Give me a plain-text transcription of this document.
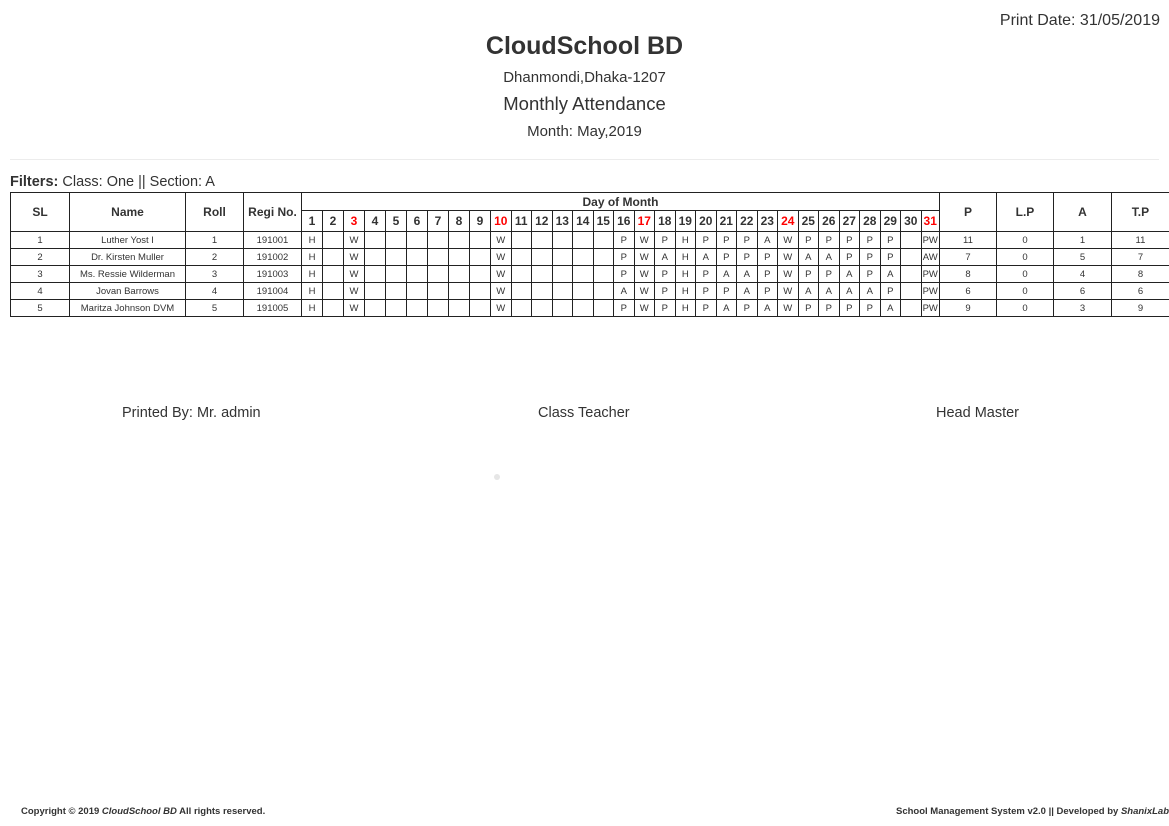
Print Date: 31/05/2019
CloudSchool BD
Dhanmondi,Dhaka-1207
Monthly Attendance
Month: May,2019
Filters: Class: One || Section: A
SL	Name	Roll	Regi No.	Day of Month																															P	L.P	A	T.P
				1	2	3	4	5	6	7	8	9	10	11	12	13	14	15	16	17	18	19	20	21	22	23	24	25	26	27	28	29	30	31				
1	Luther Yost I	1	191001	H		W							W						P	W	P	H	P	P	P	A	W	P	P	P	P	P		PW	11	0	1	11
2	Dr. Kirsten Muller	2	191002	H		W							W						P	W	A	H	A	P	P	P	W	A	A	P	P	P		AW	7	0	5	7
3	Ms. Ressie Wilderman	3	191003	H		W							W						P	W	P	H	P	A	A	P	W	P	P	A	P	A		PW	8	0	4	8
4	Jovan Barrows	4	191004	H		W							W						A	W	P	H	P	P	A	P	W	A	A	A	A	P		PW	6	0	6	6
5	Maritza Johnson DVM	5	191005	H		W							W						P	W	P	H	P	A	P	A	W	P	P	P	P	A		PW	9	0	3	9
Printed By: Mr. admin	Class Teacher	Head Master
Copyright © 2019 CloudSchool BD All rights reserved.	School Management System v2.0 || Developed by ShanixLab
